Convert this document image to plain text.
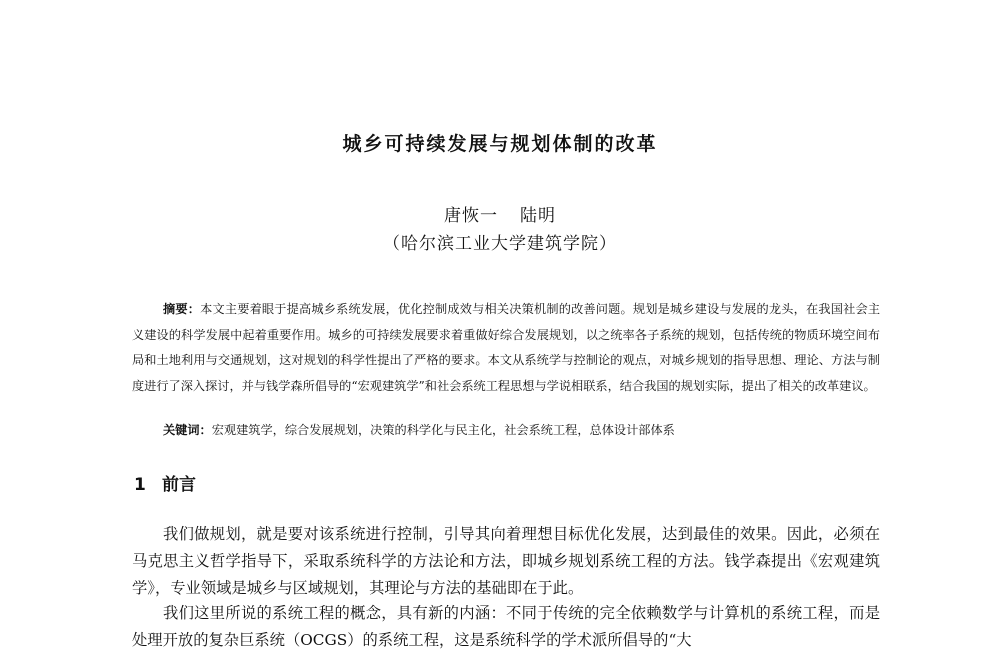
城乡可持续发展与规划体制的改革
唐恢一 陆明
（哈尔滨工业大学建筑学院）

摘要：本文主要着眼于提高城乡系统发展，优化控制成效与相关决策机制的改善问题。规划是城乡建设与发展的龙头，在我国社会主义建设的科学发展中起着重要作用。城乡的可持续发展要求着重做好综合发展规划，以之统率各子系统的规划，包括传统的物质环境空间布局和土地利用与交通规划，这对规划的科学性提出了严格的要求。本文从系统学与控制论的观点，对城乡规划的指导思想、理论、方法与制度进行了深入探讨，并与钱学森所倡导的“宏观建筑学”和社会系统工程思想与学说相联系，结合我国的规划实际，提出了相关的改革建议。

关键词：宏观建筑学，综合发展规划，决策的科学化与民主化，社会系统工程，总体设计部体系

1 前言

我们做规划，就是要对该系统进行控制，引导其向着理想目标优化发展，达到最佳的效果。因此，必须在马克思主义哲学指导下，采取系统科学的方法论和方法，即城乡规划系统工程的方法。钱学森提出《宏观建筑学》，专业领域是城乡与区域规划，其理论与方法的基础即在于此。

我们这里所说的系统工程的概念，具有新的内涵：不同于传统的完全依赖数学与计算机的系统工程，而是处理开放的复杂巨系统（OCGS）的系统工程，这是系统科学的学术派所倡导的“大
